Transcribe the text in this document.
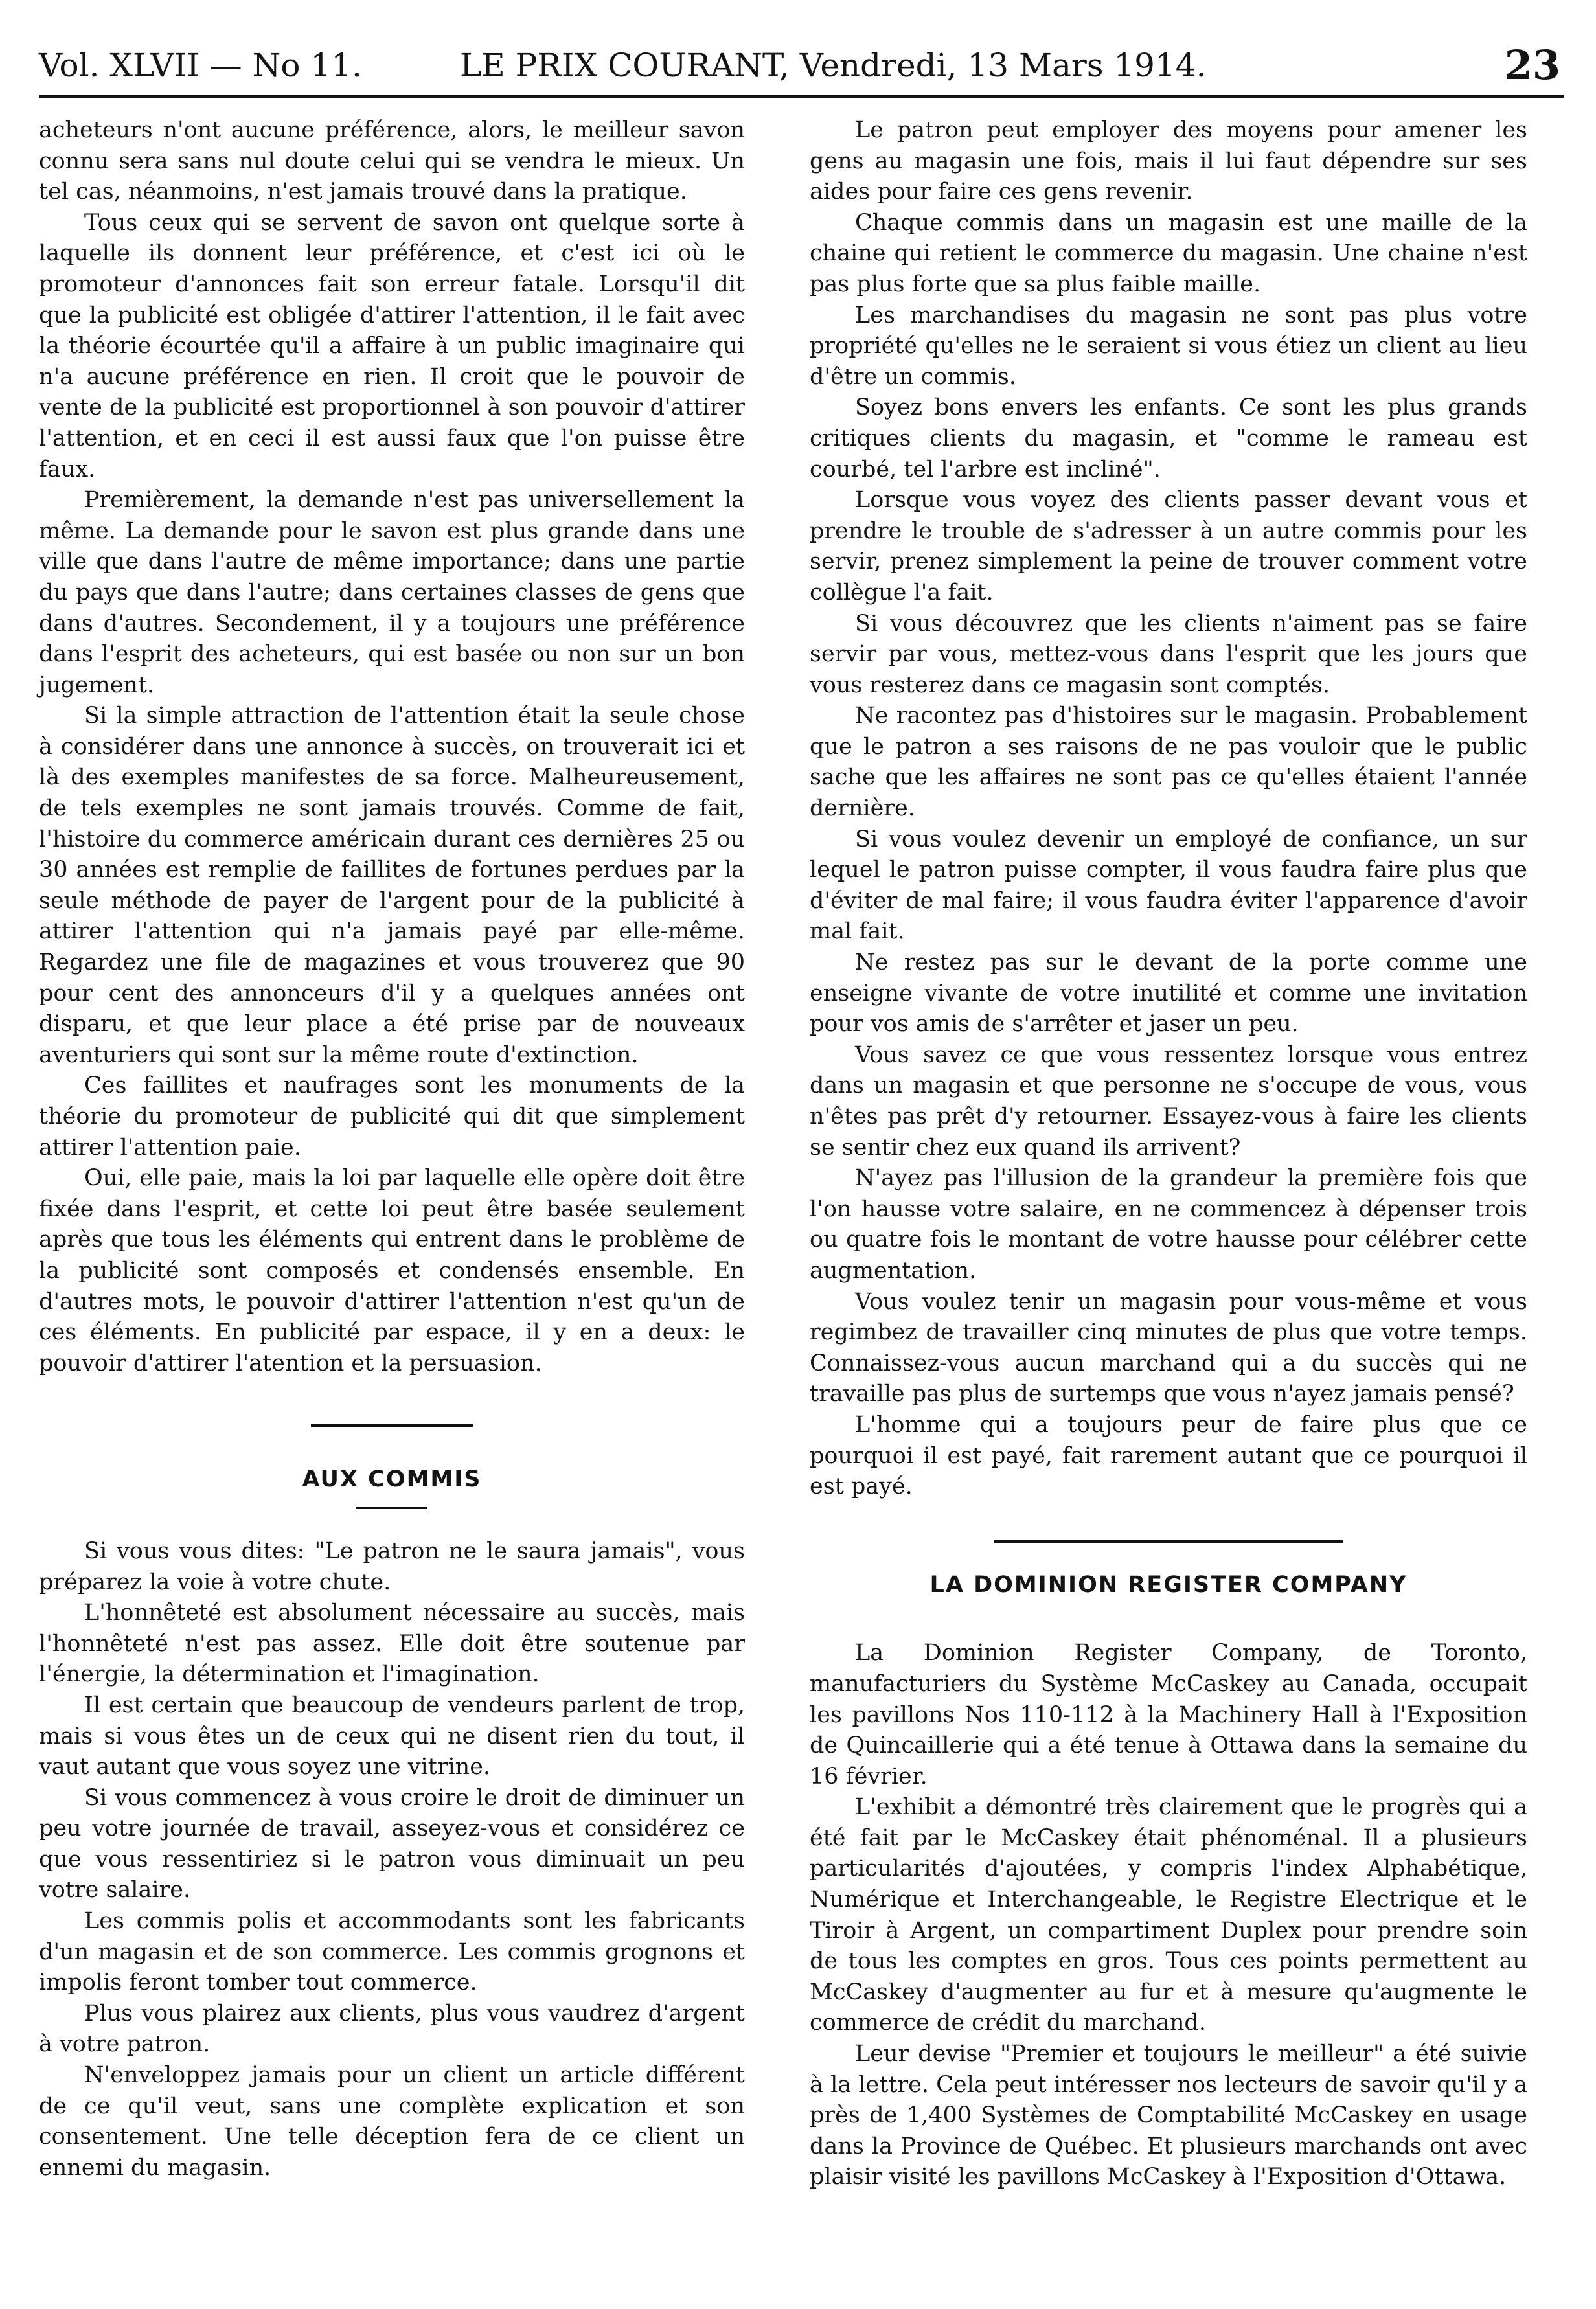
Vol. XLVII — No 11.	LE PRIX COURANT, Vendredi, 13 Mars 1914.	23

acheteurs n'ont aucune préférence, alors, le meilleur savon connu sera sans nul doute celui qui se vendra le mieux. Un tel cas, néanmoins, n'est jamais trouvé dans la pratique.

Tous ceux qui se servent de savon ont quelque sorte à laquelle ils donnent leur préférence, et c'est ici où le promoteur d'annonces fait son erreur fatale. Lorsqu'il dit que la publicité est obligée d'attirer l'attention, il le fait avec la théorie écourtée qu'il a affaire à un public imaginaire qui n'a aucune préférence en rien. Il croit que le pouvoir de vente de la publicité est proportionnel à son pouvoir d'attirer l'attention, et en ceci il est aussi faux que l'on puisse être faux.

Premièrement, la demande n'est pas universellement la même. La demande pour le savon est plus grande dans une ville que dans l'autre de même importance; dans une partie du pays que dans l'autre; dans certaines classes de gens que dans d'autres. Secondement, il y a toujours une préférence dans l'esprit des acheteurs, qui est basée ou non sur un bon jugement.

Si la simple attraction de l'attention était la seule chose à considérer dans une annonce à succès, on trouverait ici et là des exemples manifestes de sa force. Malheureusement, de tels exemples ne sont jamais trouvés. Comme de fait, l'histoire du commerce américain durant ces dernières 25 ou 30 années est remplie de faillites de fortunes perdues par la seule méthode de payer de l'argent pour de la publicité à attirer l'attention qui n'a jamais payé par elle-même. Regardez une file de magazines et vous trouverez que 90 pour cent des annonceurs d'il y a quelques années ont disparu, et que leur place a été prise par de nouveaux aventuriers qui sont sur la même route d'extinction.

Ces faillites et naufrages sont les monuments de la théorie du promoteur de publicité qui dit que simplement attirer l'attention paie.

Oui, elle paie, mais la loi par laquelle elle opère doit être fixée dans l'esprit, et cette loi peut être basée seulement après que tous les éléments qui entrent dans le problème de la publicité sont composés et condensés ensemble. En d'autres mots, le pouvoir d'attirer l'attention n'est qu'un de ces éléments. En publicité par espace, il y en a deux: le pouvoir d'attirer l'atention et la persuasion.

AUX COMMIS

Si vous vous dites: "Le patron ne le saura jamais", vous préparez la voie à votre chute.

L'honnêteté est absolument nécessaire au succès, mais l'honnêteté n'est pas assez. Elle doit être soutenue par l'énergie, la détermination et l'imagination.

Il est certain que beaucoup de vendeurs parlent de trop, mais si vous êtes un de ceux qui ne disent rien du tout, il vaut autant que vous soyez une vitrine.

Si vous commencez à vous croire le droit de diminuer un peu votre journée de travail, asseyez-vous et considérez ce que vous ressentiriez si le patron vous diminuait un peu votre salaire.

Les commis polis et accommodants sont les fabricants d'un magasin et de son commerce. Les commis grognons et impolis feront tomber tout commerce.

Plus vous plairez aux clients, plus vous vaudrez d'argent à votre patron.

N'enveloppez jamais pour un client un article différent de ce qu'il veut, sans une complète explication et son consentement. Une telle déception fera de ce client un ennemi du magasin.

Le patron peut employer des moyens pour amener les gens au magasin une fois, mais il lui faut dépendre sur ses aides pour faire ces gens revenir.

Chaque commis dans un magasin est une maille de la chaine qui retient le commerce du magasin. Une chaine n'est pas plus forte que sa plus faible maille.

Les marchandises du magasin ne sont pas plus votre propriété qu'elles ne le seraient si vous étiez un client au lieu d'être un commis.

Soyez bons envers les enfants. Ce sont les plus grands critiques clients du magasin, et "comme le rameau est courbé, tel l'arbre est incliné".

Lorsque vous voyez des clients passer devant vous et prendre le trouble de s'adresser à un autre commis pour les servir, prenez simplement la peine de trouver comment votre collègue l'a fait.

Si vous découvrez que les clients n'aiment pas se faire servir par vous, mettez-vous dans l'esprit que les jours que vous resterez dans ce magasin sont comptés.

Ne racontez pas d'histoires sur le magasin. Probablement que le patron a ses raisons de ne pas vouloir que le public sache que les affaires ne sont pas ce qu'elles étaient l'année dernière.

Si vous voulez devenir un employé de confiance, un sur lequel le patron puisse compter, il vous faudra faire plus que d'éviter de mal faire; il vous faudra éviter l'apparence d'avoir mal fait.

Ne restez pas sur le devant de la porte comme une enseigne vivante de votre inutilité et comme une invitation pour vos amis de s'arrêter et jaser un peu.

Vous savez ce que vous ressentez lorsque vous entrez dans un magasin et que personne ne s'occupe de vous, vous n'êtes pas prêt d'y retourner. Essayez-vous à faire les clients se sentir chez eux quand ils arrivent?

N'ayez pas l'illusion de la grandeur la première fois que l'on hausse votre salaire, en ne commencez à dépenser trois ou quatre fois le montant de votre hausse pour célébrer cette augmentation.

Vous voulez tenir un magasin pour vous-même et vous regimbez de travailler cinq minutes de plus que votre temps. Connaissez-vous aucun marchand qui a du succès qui ne travaille pas plus de surtemps que vous n'ayez jamais pensé?

L'homme qui a toujours peur de faire plus que ce pourquoi il est payé, fait rarement autant que ce pourquoi il est payé.

LA DOMINION REGISTER COMPANY

La Dominion Register Company, de Toronto, manufacturiers du Système McCaskey au Canada, occupait les pavillons Nos 110-112 à la Machinery Hall à l'Exposition de Quincaillerie qui a été tenue à Ottawa dans la semaine du 16 février.

L'exhibit a démontré très clairement que le progrès qui a été fait par le McCaskey était phénoménal. Il a plusieurs particularités d'ajoutées, y compris l'index Alphabétique, Numérique et Interchangeable, le Registre Electrique et le Tiroir à Argent, un compartiment Duplex pour prendre soin de tous les comptes en gros. Tous ces points permettent au McCaskey d'augmenter au fur et à mesure qu'augmente le commerce de crédit du marchand.

Leur devise "Premier et toujours le meilleur" a été suivie à la lettre. Cela peut intéresser nos lecteurs de savoir qu'il y a près de 1,400 Systèmes de Comptabilité McCaskey en usage dans la Province de Québec. Et plusieurs marchands ont avec plaisir visité les pavillons McCaskey à l'Exposition d'Ottawa.
